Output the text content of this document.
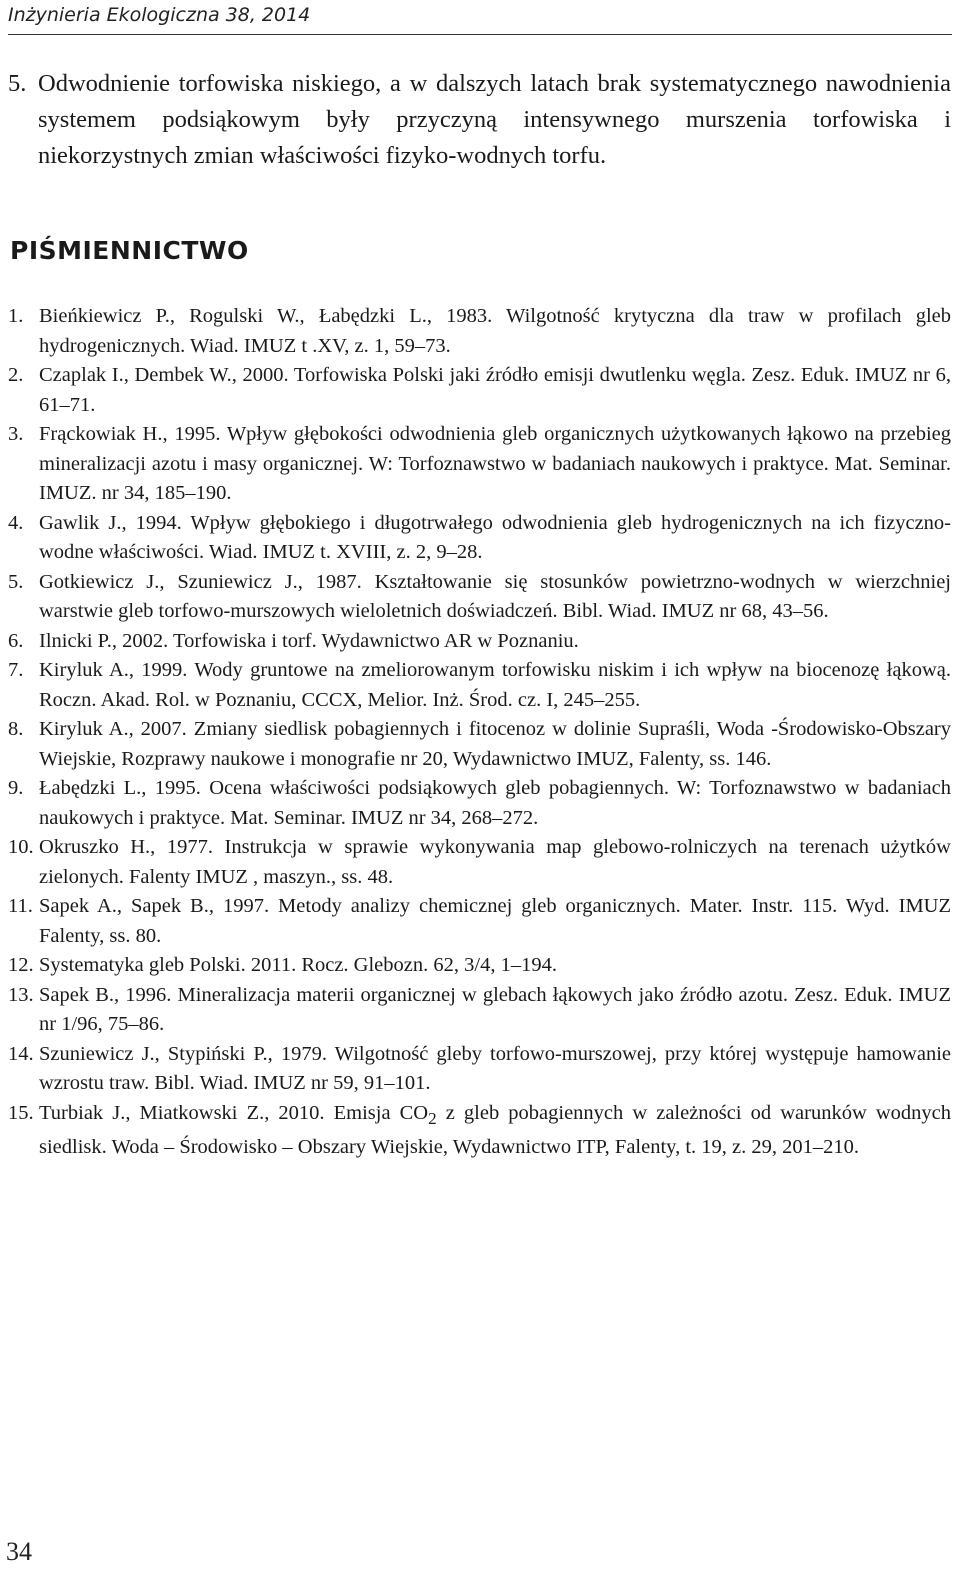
Inżynieria Ekologiczna 38, 2014

5. Odwodnienie torfowiska niskiego, a w dalszych latach brak systematycznego nawodnienia systemem podsiąkowym były przyczyną intensywnego murszenia torfowiska i niekorzystnych zmian właściwości fizyko-wodnych torfu.

PIŚMIENNICTWO
1. Bieńkiewicz P., Rogulski W., Łabędzki L., 1983. Wilgotność krytyczna dla traw w profilach gleb hydrogenicznych. Wiad. IMUZ t .XV, z. 1, 59–73.
2. Czaplak I., Dembek W., 2000. Torfowiska Polski jaki źródło emisji dwutlenku węgla. Zesz. Eduk. IMUZ nr 6, 61–71.
3. Frąckowiak H., 1995. Wpływ głębokości odwodnienia gleb organicznych użytkowanych łąkowo na przebieg mineralizacji azotu i masy organicznej. W: Torfoznawstwo w badaniach naukowych i praktyce. Mat. Seminar. IMUZ. nr 34, 185–190.
4. Gawlik J., 1994. Wpływ głębokiego i długotrwałego odwodnienia gleb hydrogenicznych na ich fizyczno-wodne właściwości. Wiad. IMUZ t. XVIII, z. 2, 9–28.
5. Gotkiewicz J., Szuniewicz J., 1987. Kształtowanie się stosunków powietrzno-wodnych w wierzchniej warstwie gleb torfowo-murszowych wieloletnich doświadczeń. Bibl. Wiad. IMUZ nr 68, 43–56.
6. Ilnicki P., 2002. Torfowiska i torf. Wydawnictwo AR w Poznaniu.
7. Kiryluk A., 1999. Wody gruntowe na zmeliorowanym torfowisku niskim i ich wpływ na biocenozę łąkową. Roczn. Akad. Rol. w Poznaniu, CCCX, Melior. Inż. Środ. cz. I, 245–255.
8. Kiryluk A., 2007. Zmiany siedlisk pobagiennych i fitocenoz w dolinie Supraśli, Woda -Środowisko-Obszary Wiejskie, Rozprawy naukowe i monografie nr 20, Wydawnictwo IMUZ, Falenty, ss. 146.
9. Łabędzki L., 1995. Ocena właściwości podsiąkowych gleb pobagiennych. W: Torfoznawstwo w badaniach naukowych i praktyce. Mat. Seminar. IMUZ nr 34, 268–272.
10. Okruszko H., 1977. Instrukcja w sprawie wykonywania map glebowo-rolniczych na terenach użytków zielonych. Falenty IMUZ , maszyn., ss. 48.
11. Sapek A., Sapek B., 1997. Metody analizy chemicznej gleb organicznych. Mater. Instr. 115. Wyd. IMUZ Falenty, ss. 80.
12. Systematyka gleb Polski. 2011. Rocz. Glebozn. 62, 3/4, 1–194.
13. Sapek B., 1996. Mineralizacja materii organicznej w glebach łąkowych jako źródło azotu. Zesz. Eduk. IMUZ nr 1/96, 75–86.
14. Szuniewicz J., Stypiński P., 1979. Wilgotność gleby torfowo-murszowej, przy której występuje hamowanie wzrostu traw. Bibl. Wiad. IMUZ nr 59, 91–101.
15. Turbiak J., Miatkowski Z., 2010. Emisja $CO_2$ z gleb pobagiennych w zależności od warunków wodnych siedlisk. Woda – Środowisko – Obszary Wiejskie, Wydawnictwo ITP, Falenty, t. 19, z. 29, 201–210.
34
